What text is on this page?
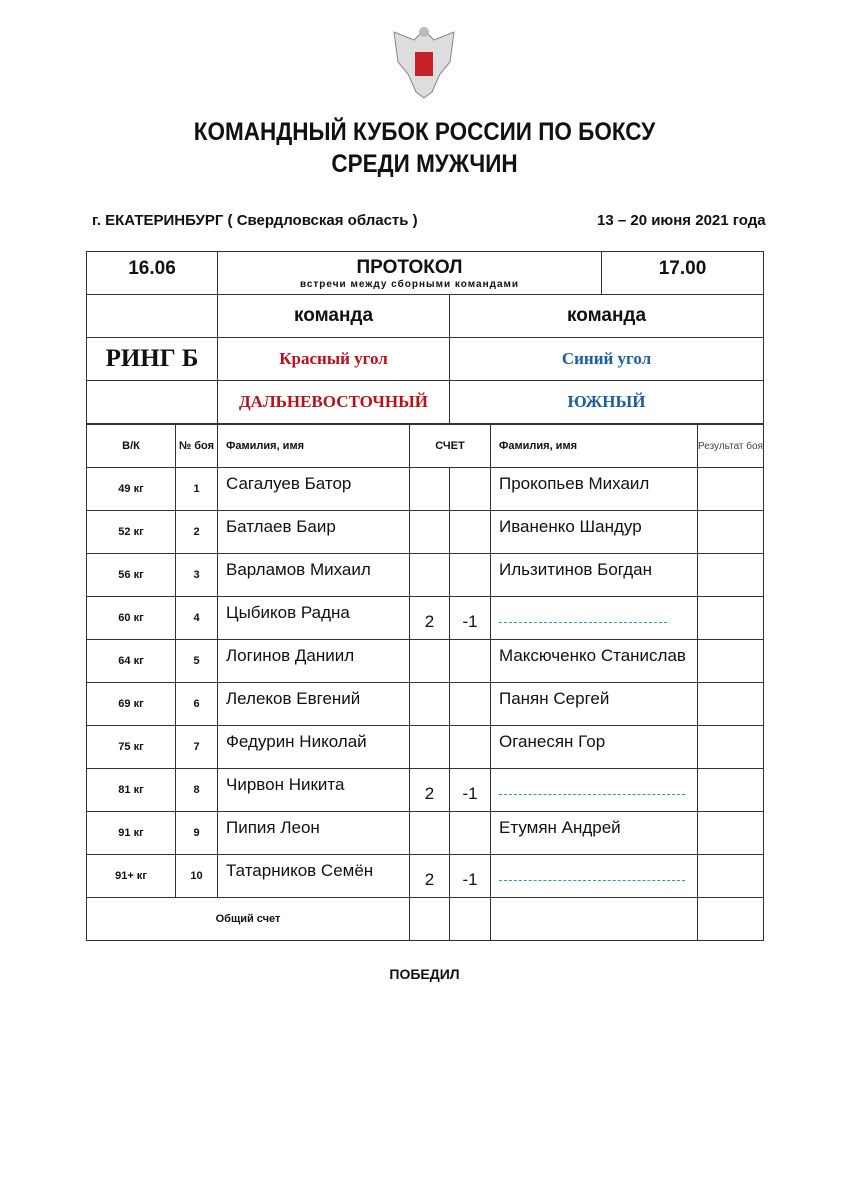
КОМАНДНЫЙ КУБОК РОССИИ ПО БОКСУ
СРЕДИ МУЖЧИН
г. ЕКАТЕРИНБУРГ ( Свердловская область )	13 – 20 июня 2021 года
16.06	ПРОТОКОЛ
встречи между сборными командами		17.00
	команда	команда	
РИНГ Б	Красный угол	Синий угол	
	ДАЛЬНЕВОСТОЧНЫЙ	ЮЖНЫЙ	
В/К	№ боя	Фамилия, имя	СЧЕТ		Фамилия, имя	Результат боя
49 кг	1	Сагалуев Батор			Прокопьев Михаил	
52 кг	2	Батлаев Баир			Иваненко Шандур	
56 кг	3	Варламов Михаил			Ильзитинов Богдан	
60 кг	4	Цыбиков Радна	2	-1	

64 кг	5	Логинов Даниил			Максюченко Станислав	
69 кг	6	Лелеков Евгений			Панян Сергей	
75 кг	7	Федурин Николай			Оганесян Гор	
81 кг	8	Чирвон Никита	2	-1	

91 кг	9	Пипия Леон			Етумян Андрей	
91+ кг	10	Татарников Семён	2	-1	

Общий счет						
ПОБЕДИЛ
